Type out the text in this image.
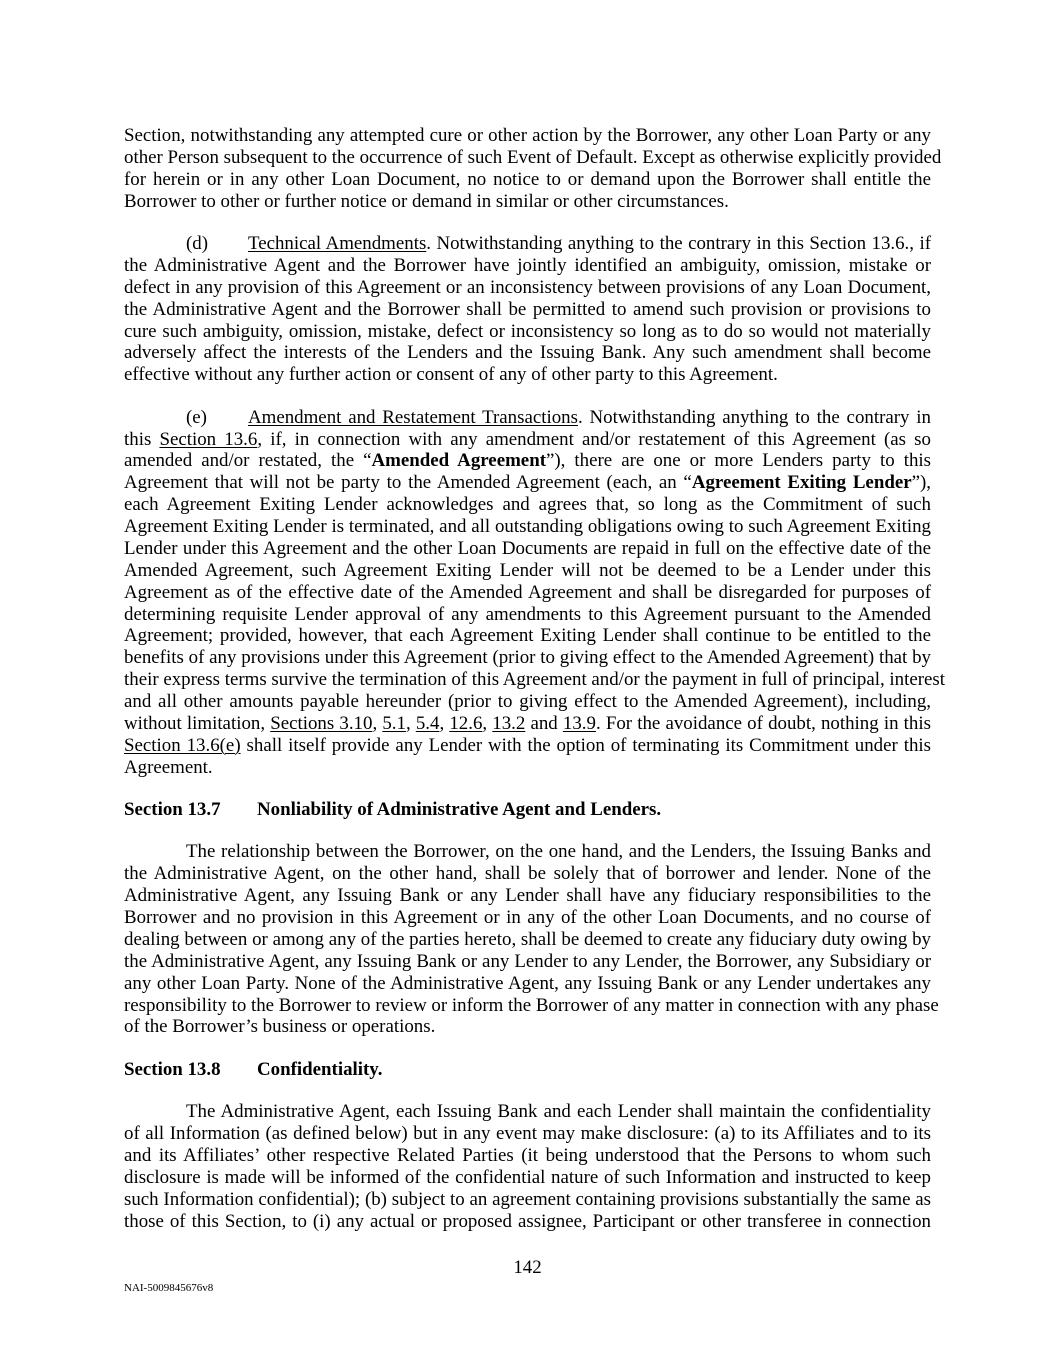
Section, notwithstanding any attempted cure or other action by the Borrower, any other Loan Party or any
other Person subsequent to the occurrence of such Event of Default. Except as otherwise explicitly provided
for herein or in any other Loan Document, no notice to or demand upon the Borrower shall entitle the
Borrower to other or further notice or demand in similar or other circumstances.
(d) Technical Amendments. Notwithstanding anything to the contrary in this Section 13.6., if
the Administrative Agent and the Borrower have jointly identified an ambiguity, omission, mistake or
defect in any provision of this Agreement or an inconsistency between provisions of any Loan Document,
the Administrative Agent and the Borrower shall be permitted to amend such provision or provisions to
cure such ambiguity, omission, mistake, defect or inconsistency so long as to do so would not materially
adversely affect the interests of the Lenders and the Issuing Bank. Any such amendment shall become
effective without any further action or consent of any of other party to this Agreement.
(e) Amendment and Restatement Transactions. Notwithstanding anything to the contrary in
this Section 13.6, if, in connection with any amendment and/or restatement of this Agreement (as so
amended and/or restated, the “Amended Agreement”), there are one or more Lenders party to this
Agreement that will not be party to the Amended Agreement (each, an “Agreement Exiting Lender”),
each Agreement Exiting Lender acknowledges and agrees that, so long as the Commitment of such
Agreement Exiting Lender is terminated, and all outstanding obligations owing to such Agreement Exiting
Lender under this Agreement and the other Loan Documents are repaid in full on the effective date of the
Amended Agreement, such Agreement Exiting Lender will not be deemed to be a Lender under this
Agreement as of the effective date of the Amended Agreement and shall be disregarded for purposes of
determining requisite Lender approval of any amendments to this Agreement pursuant to the Amended
Agreement; provided, however, that each Agreement Exiting Lender shall continue to be entitled to the
benefits of any provisions under this Agreement (prior to giving effect to the Amended Agreement) that by
their express terms survive the termination of this Agreement and/or the payment in full of principal, interest
and all other amounts payable hereunder (prior to giving effect to the Amended Agreement), including,
without limitation, Sections 3.10, 5.1, 5.4, 12.6, 13.2 and 13.9. For the avoidance of doubt, nothing in this
Section 13.6(e) shall itself provide any Lender with the option of terminating its Commitment under this
Agreement.
Section 13.7 Nonliability of Administrative Agent and Lenders.
The relationship between the Borrower, on the one hand, and the Lenders, the Issuing Banks and
the Administrative Agent, on the other hand, shall be solely that of borrower and lender. None of the
Administrative Agent, any Issuing Bank or any Lender shall have any fiduciary responsibilities to the
Borrower and no provision in this Agreement or in any of the other Loan Documents, and no course of
dealing between or among any of the parties hereto, shall be deemed to create any fiduciary duty owing by
the Administrative Agent, any Issuing Bank or any Lender to any Lender, the Borrower, any Subsidiary or
any other Loan Party. None of the Administrative Agent, any Issuing Bank or any Lender undertakes any
responsibility to the Borrower to review or inform the Borrower of any matter in connection with any phase
of the Borrower’s business or operations.
Section 13.8 Confidentiality.
The Administrative Agent, each Issuing Bank and each Lender shall maintain the confidentiality
of all Information (as defined below) but in any event may make disclosure: (a) to its Affiliates and to its
and its Affiliates’ other respective Related Parties (it being understood that the Persons to whom such
disclosure is made will be informed of the confidential nature of such Information and instructed to keep
such Information confidential); (b) subject to an agreement containing provisions substantially the same as
those of this Section, to (i) any actual or proposed assignee, Participant or other transferee in connection
142
NAI-5009845676v8
